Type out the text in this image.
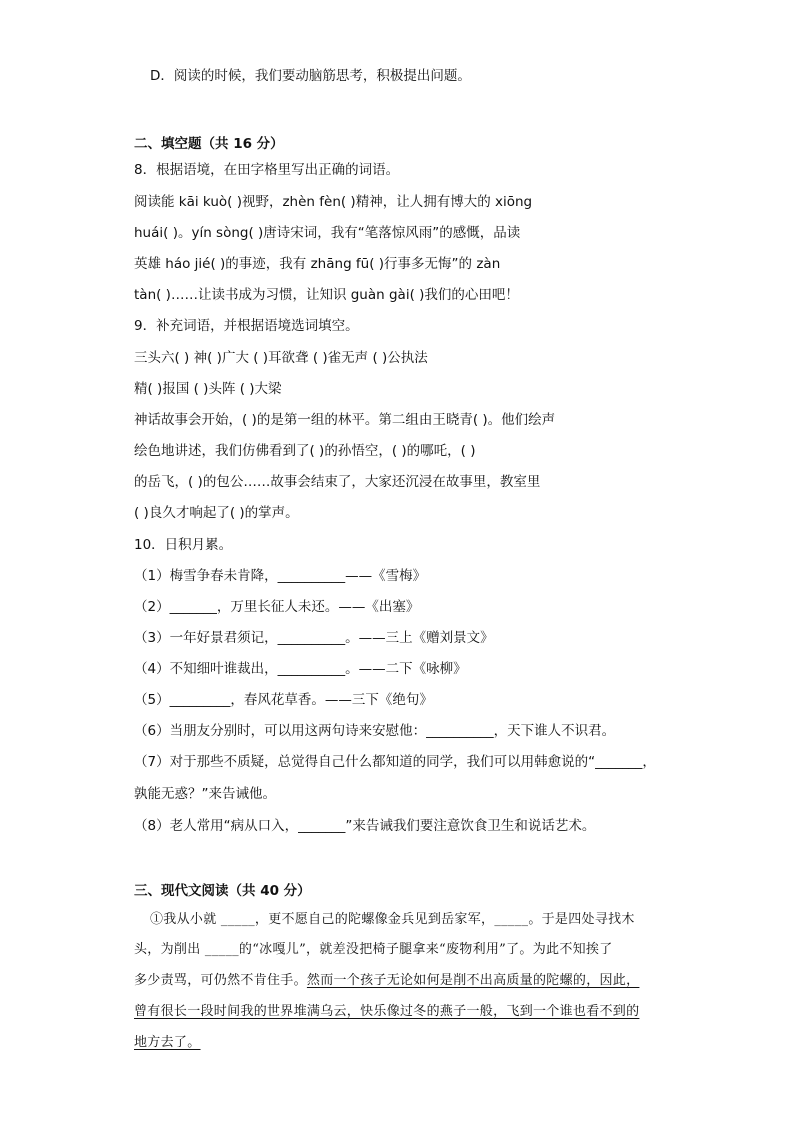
D．阅读的时候，我们要动脑筋思考，积极提出问题。
二、填空题（共 16 分）
8．根据语境，在田字格里写出正确的词语。
阅读能 kāi kuò( )视野，zhèn fèn( )精神，让人拥有博大的 xiōng
huái( )。yín sòng( )唐诗宋词，我有“笔落惊风雨”的感慨，品读
英雄 háo jié( )的事迹，我有 zhāng fū( )行事多无悔”的 zàn
tàn( )……让读书成为习惯，让知识 guàn gài( )我们的心田吧！
9．补充词语，并根据语境选词填空。
三头六( ) 神( )广大 ( )耳欲聋 ( )雀无声 ( )公执法
精( )报国 ( )头阵 ( )大梁
神话故事会开始，( )的是第一组的林平。第二组由王晓青( )。他们绘声
绘色地讲述，我们仿佛看到了( )的孙悟空，( )的哪吒，( )
的岳飞，( )的包公……故事会结束了，大家还沉浸在故事里，教室里
( )良久才响起了( )的掌声。
10．日积月累。
（1）梅雪争春未肯降，__________——《雪梅》
（2）_______，万里长征人未还。——《出塞》
（3）一年好景君须记，__________。——三上《赠刘景文》
（4）不知细叶谁裁出，__________。——二下《咏柳》
（5）_________，春风花草香。——三下《绝句》
（6）当朋友分别时，可以用这两句诗来安慰他：__________，天下谁人不识君。
（7）对于那些不质疑，总觉得自己什么都知道的同学，我们可以用韩愈说的“_______，
孰能无惑？”来告诫他。
（8）老人常用“病从口入，_______”来告诫我们要注意饮食卫生和说话艺术。
三、现代文阅读（共 40 分）
①我从小就 _____，更不愿自己的陀螺像金兵见到岳家军，_____。于是四处寻找木
头，为削出 _____的“冰嘎儿”，就差没把椅子腿拿来“废物利用”了。为此不知挨了
多少责骂，可仍然不肯住手。然而一个孩子无论如何是削不出高质量的陀螺的，因此，
曾有很长一段时间我的世界堆满乌云，快乐像过冬的燕子一般，飞到一个谁也看不到的
地方去了。
